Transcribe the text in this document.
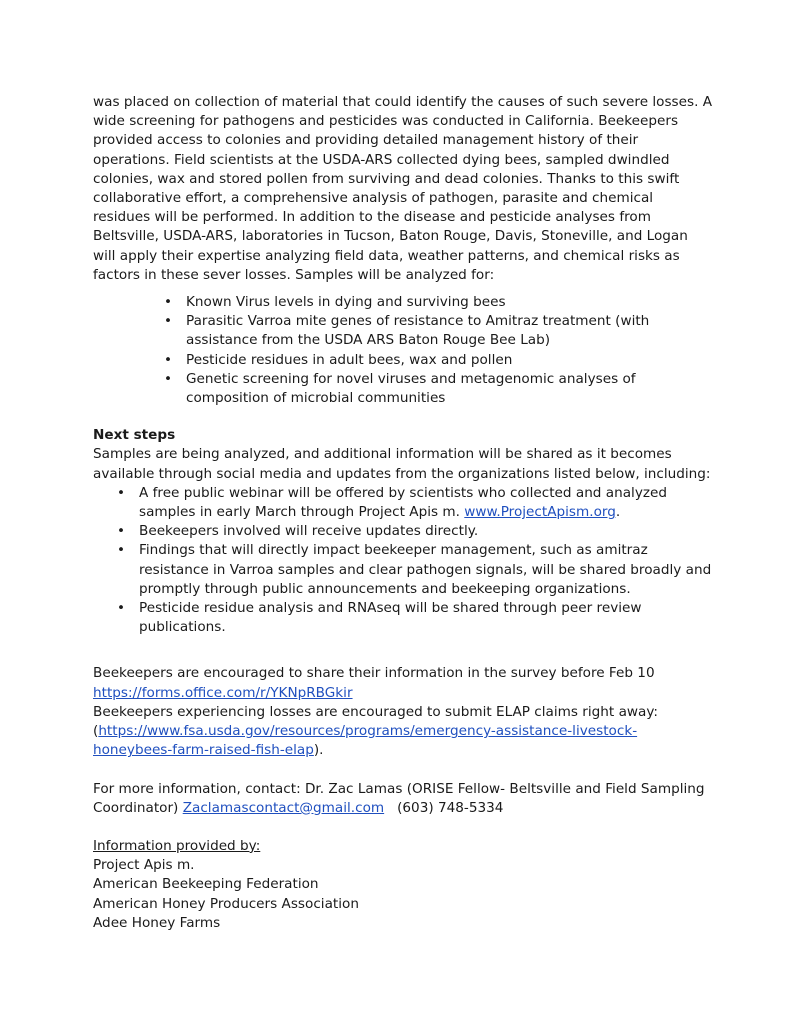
was placed on collection of material that could identify the causes of such severe losses. A wide screening for pathogens and pesticides was conducted in California. Beekeepers provided access to colonies and providing detailed management history of their operations. Field scientists at the USDA-ARS collected dying bees, sampled dwindled colonies, wax and stored pollen from surviving and dead colonies. Thanks to this swift collaborative effort, a comprehensive analysis of pathogen, parasite and chemical residues will be performed. In addition to the disease and pesticide analyses from Beltsville, USDA-ARS, laboratories in Tucson, Baton Rouge, Davis, Stoneville, and Logan will apply their expertise analyzing field data, weather patterns, and chemical risks as factors in these sever losses. Samples will be analyzed for:

• Known Virus levels in dying and surviving bees
• Parasitic Varroa mite genes of resistance to Amitraz treatment (with assistance from the USDA ARS Baton Rouge Bee Lab)
• Pesticide residues in adult bees, wax and pollen
• Genetic screening for novel viruses and metagenomic analyses of composition of microbial communities

Next steps

Samples are being analyzed, and additional information will be shared as it becomes available through social media and updates from the organizations listed below, including:

• A free public webinar will be offered by scientists who collected and analyzed samples in early March through Project Apis m. www.ProjectApism.org.
• Beekeepers involved will receive updates directly.
• Findings that will directly impact beekeeper management, such as amitraz resistance in Varroa samples and clear pathogen signals, will be shared broadly and promptly through public announcements and beekeeping organizations.
• Pesticide residue analysis and RNAseq will be shared through peer review publications.

Beekeepers are encouraged to share their information in the survey before Feb 10

https://forms.office.com/r/YKNpRBGkir

Beekeepers experiencing losses are encouraged to submit ELAP claims right away:

(https://www.fsa.usda.gov/resources/programs/emergency-assistance-livestock-honeybees-farm-raised-fish-elap).

For more information, contact: Dr. Zac Lamas (ORISE Fellow- Beltsville and Field Sampling Coordinator) Zaclamascontact@gmail.com (603) 748-5334

Information provided by:

Project Apis m.

American Beekeeping Federation

American Honey Producers Association

Adee Honey Farms
